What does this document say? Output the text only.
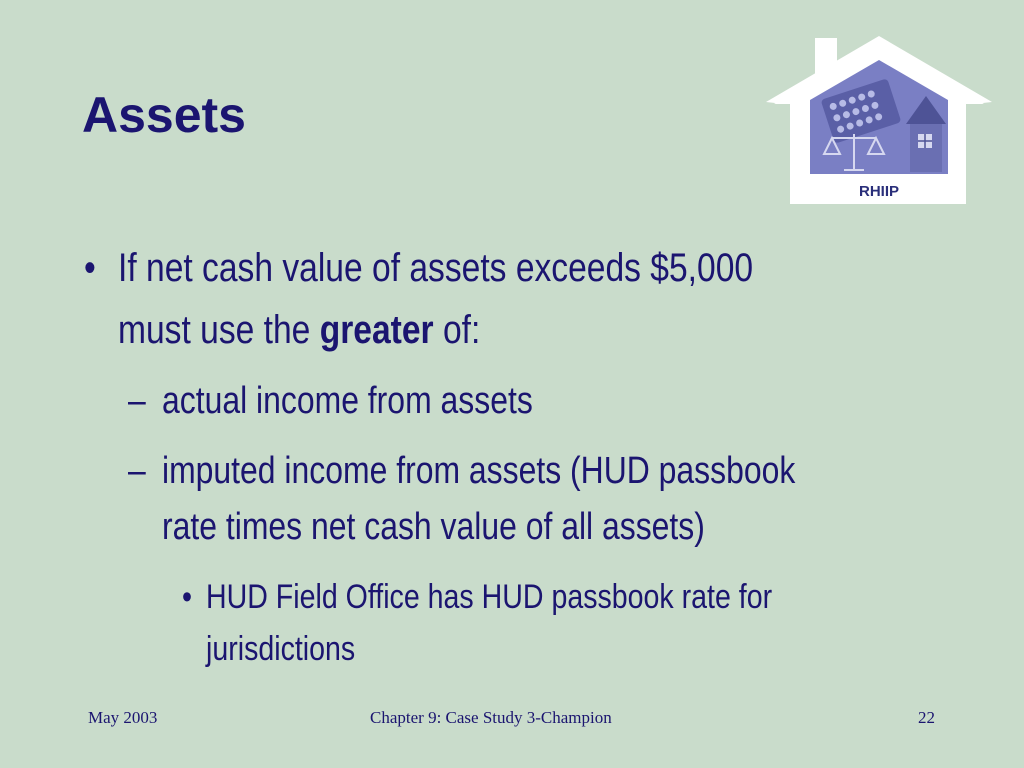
Assets
RHIIP
• If net cash value of assets exceeds $5,000
must use the greater of:
– actual income from assets
– imputed income from assets (HUD passbook
rate times net cash value of all assets)
• HUD Field Office has HUD passbook rate for
jurisdictions
May 2003	Chapter 9: Case Study 3-Champion	22
